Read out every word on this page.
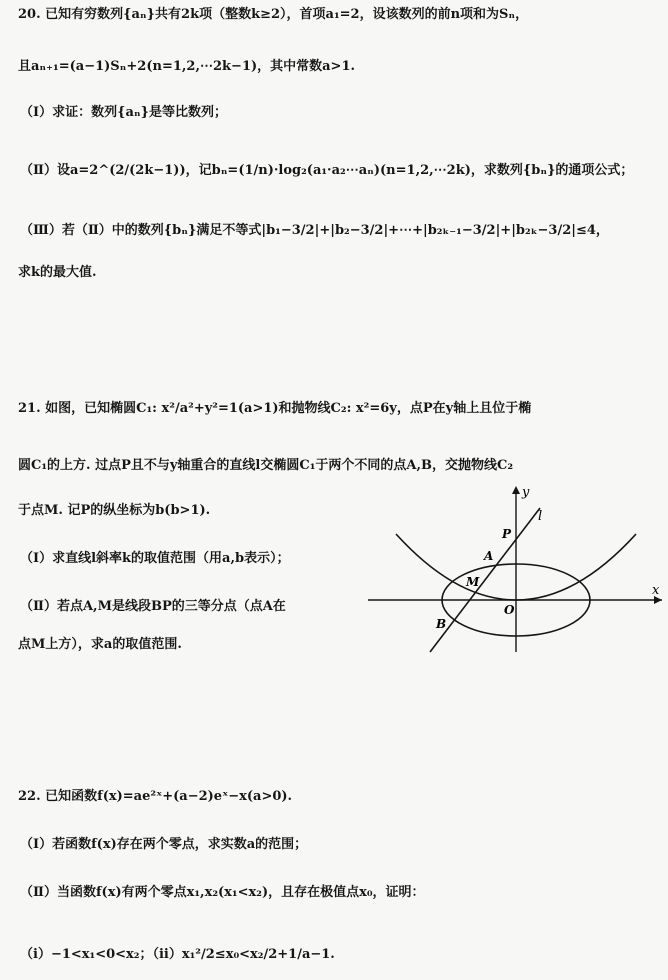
20. 已知有穷数列{aₙ}共有2k项（整数k≥2），首项a₁=2，设该数列的前n项和为Sₙ，
且aₙ₊₁=(a−1)Sₙ+2(n=1,2,⋯2k−1)，其中常数a>1.
（Ⅰ）求证：数列{aₙ}是等比数列；
（Ⅱ）设a=2^(2/(2k−1))，记bₙ=(1/n)·log₂(a₁·a₂⋯aₙ)(n=1,2,⋯2k)，求数列{bₙ}的通项公式；
（Ⅲ）若（Ⅱ）中的数列{bₙ}满足不等式|b₁−3/2|+|b₂−3/2|+⋯+|b₂ₖ₋₁−3/2|+|b₂ₖ−3/2|≤4，
求k的最大值.
21. 如图，已知椭圆C₁: x²/a²+y²=1(a>1)和抛物线C₂: x²=6y，点P在y轴上且位于椭
圆C₁的上方. 过点P且不与y轴重合的直线l交椭圆C₁于两个不同的点A,B，交抛物线C₂
于点M. 记P的纵坐标为b(b>1).
（Ⅰ）求直线l斜率k的取值范围（用a,b表示）；
（Ⅱ）若点A,M是线段BP的三等分点（点A在
点M上方），求a的取值范围.
y
x
l
P
A
M
B
O
22. 已知函数f(x)=ae²ˣ+(a−2)eˣ−x(a>0).
（Ⅰ）若函数f(x)存在两个零点，求实数a的范围；
（Ⅱ）当函数f(x)有两个零点x₁,x₂(x₁<x₂)，且存在极值点x₀，证明：
（i）−1<x₁<0<x₂；（ii）x₁²/2≤x₀<x₂/2+1/a−1.
